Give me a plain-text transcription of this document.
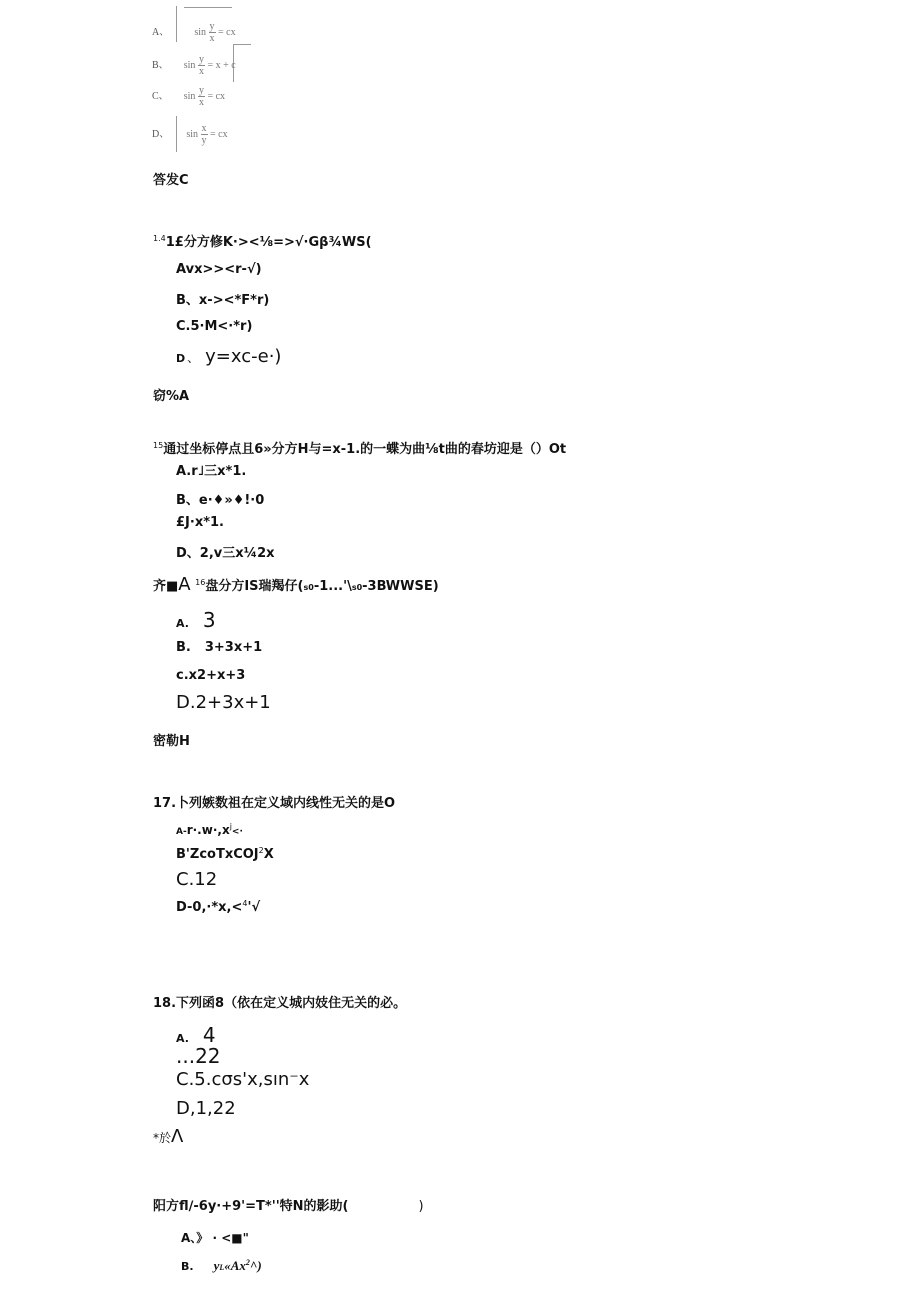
A、	$\sin \frac{y}{x}$ = cx
B、 $\sin \frac{y}{x} = x + c$
C、 $\sin \frac{y}{x}$ = cx
D、 $\sin \frac{x}{y}$ = cx
答发C
$^{1.4}$1£分方修K·><⅛=>√·Gβ¾WS(
Avx>><r-√)
B、x-><*F*r)
C.5·M<·*r)
D 、 y=xc-e·)
窃%A
$^{15}$通过坐标停点且6»分方H与=x-1.的一蝶为曲⅛t曲的春坊迎是（）Ot
A.r˩三x*1.
B、e·♦»♦!·0
£J·x*1.
D、2,v三x¼2x
齐■A $^{16}$盘分方IS瑞羯仔(s0-1...'\s0-3BWWSE)
A. 3
B. 3+3x+1
c.x2+x+3
D.2+3x+1
密勒H
17.卜列嫉数祖在定义域内线性无关的是O
$A-r\cdot.w\cdot,x^j<\cdot$
B'ZcoTxCOJ$^2$X
C.12
D-0,·*x,<$^4$'√
18.下列函8（依在定义城内妓住无关的必。
A. 4
...22
C.5.cσs'x,sın⁻x
D,1,22
*於Λ
阳方fl∕-6y·+9'=T*''特N的影助(	)
A、》 · <■"
B. yL«Ax$^2$^)
